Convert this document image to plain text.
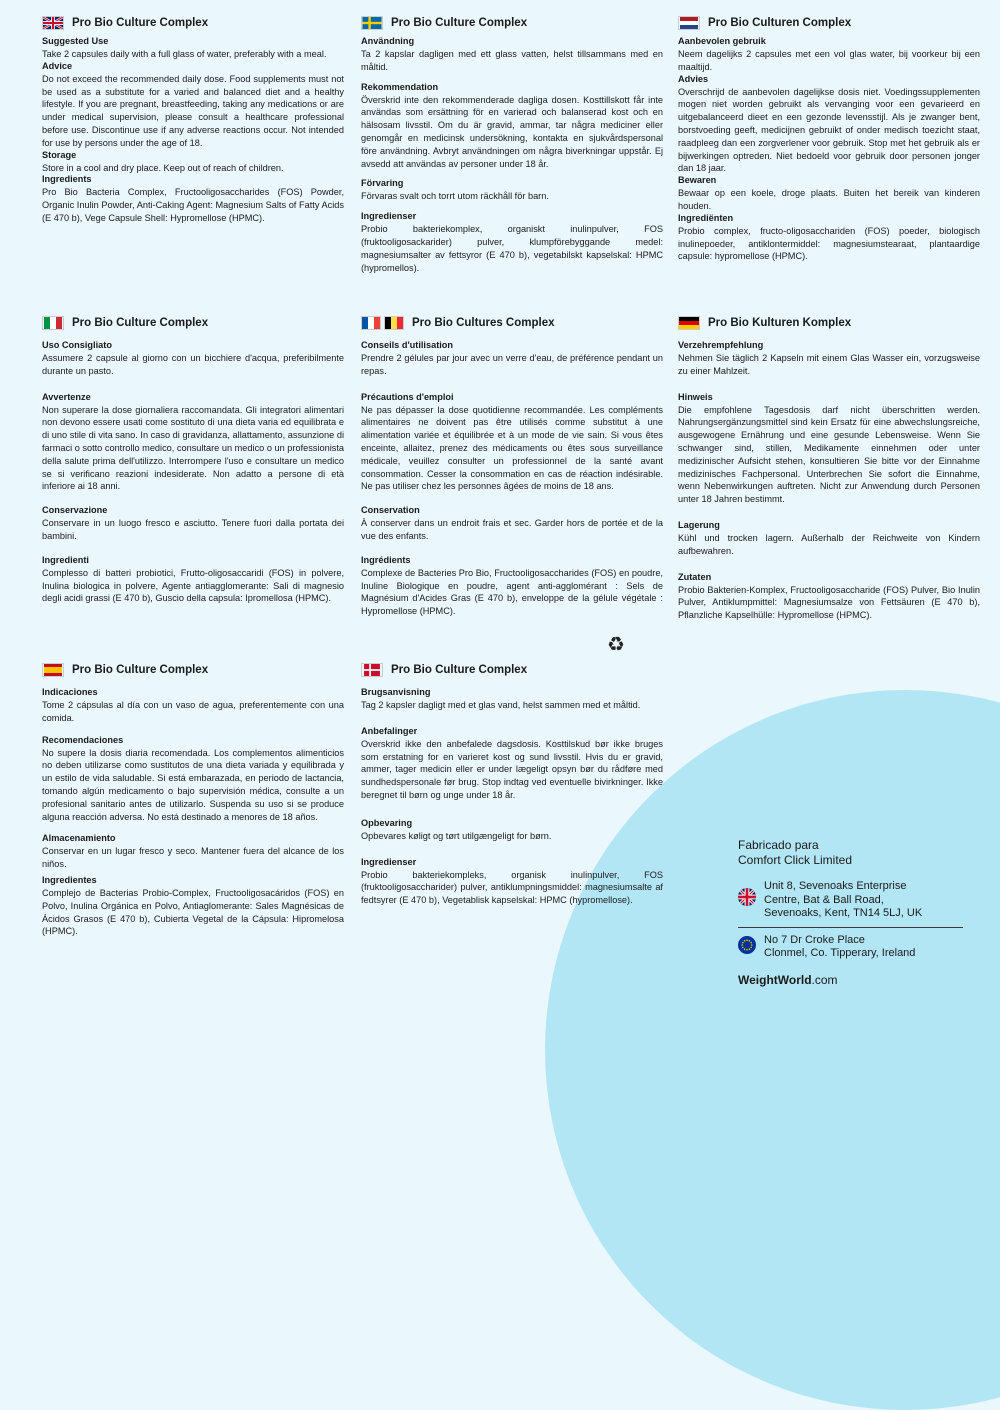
Pro Bio Culture Complex
Suggested Use
Take 2 capsules daily with a full glass of water, preferably with a meal.
Advice
Do not exceed the recommended daily dose. Food supplements must not be used as a substitute for a varied and balanced diet and a healthy lifestyle. If you are pregnant, breastfeeding, taking any medications or are under medical supervision, please consult a healthcare professional before use. Discontinue use if any adverse reactions occur. Not intended for use by persons under the age of 18.
Storage
Store in a cool and dry place. Keep out of reach of children.
Ingredients
Pro Bio Bacteria Complex, Fructooligosaccharides (FOS) Powder, Organic Inulin Powder, Anti-Caking Agent: Magnesium Salts of Fatty Acids (E 470 b), Vege Capsule Shell: Hypromellose (HPMC).
Pro Bio Culture Complex
Uso Consigliato
Assumere 2 capsule al giorno con un bicchiere d'acqua, preferibilmente durante un pasto.
Avvertenze
Non superare la dose giornaliera raccomandata. Gli integratori alimentari non devono essere usati come sostituto di una dieta varia ed equilibrata e di uno stile di vita sano. In caso di gravidanza, allattamento, assunzione di farmaci o sotto controllo medico, consultare un medico o un professionista della salute prima dell'utilizzo. Interrompere l'uso e consultare un medico se si verificano reazioni indesiderate. Non adatto a persone di età inferiore ai 18 anni.
Conservazione
Conservare in un luogo fresco e asciutto. Tenere fuori dalla portata dei bambini.
Ingredienti
Complesso di batteri probiotici, Frutto-oligosaccaridi (FOS) in polvere, Inulina biologica in polvere, Agente antiagglomerante: Sali di magnesio degli acidi grassi (E 470 b), Guscio della capsula: Ipromellosa (HPMC).
Pro Bio Culture Complex
Indicaciones
Tome 2 cápsulas al día con un vaso de agua, preferentemente con una comida.
Recomendaciones
No supere la dosis diaria recomendada. Los complementos alimenticios no deben utilizarse como sustitutos de una dieta variada y equilibrada y un estilo de vida saludable. Si está embarazada, en periodo de lactancia, tomando algún medicamento o bajo supervisión médica, consulte a un profesional sanitario antes de utilizarlo. Suspenda su uso si se produce alguna reacción adversa. No está destinado a menores de 18 años.
Almacenamiento
Conservar en un lugar fresco y seco. Mantener fuera del alcance de los niños.
Ingredientes
Complejo de Bacterias Probio-Complex, Fructooligosacáridos (FOS) en Polvo, Inulina Orgánica en Polvo, Antiaglomerante: Sales Magnésicas de Ácidos Grasos (E 470 b), Cubierta Vegetal de la Cápsula: Hipromelosa (HPMC).
Pro Bio Culture Complex
Användning
Ta 2 kapslar dagligen med ett glass vatten, helst tillsammans med en måltid.
Rekommendation
Överskrid inte den rekommenderade dagliga dosen. Kosttillskott får inte användas som ersättning för en varierad och balanserad kost och en hälsosam livsstil. Om du är gravid, ammar, tar några mediciner eller genomgår en medicinsk undersökning, kontakta en sjukvårdspersonal före användning. Avbryt användningen om några biverkningar uppstår. Ej avsedd att användas av personer under 18 år.
Förvaring
Förvaras svalt och torrt utom räckhåll för barn.
Ingredienser
Probio bakteriekomplex, organiskt inulinpulver, FOS (fruktooligosackarider) pulver, klumpförebyggande medel: magnesiumsalter av fettsyror (E 470 b), vegetabilskt kapselskal: HPMC (hypromellos).
Pro Bio Cultures Complex
Conseils d'utilisation
Prendre 2 gélules par jour avec un verre d'eau, de préférence pendant un repas.
Précautions d'emploi
Ne pas dépasser la dose quotidienne recommandée. Les compléments alimentaires ne doivent pas être utilisés comme substitut à une alimentation variée et équilibrée et à un mode de vie sain. Si vous êtes enceinte, allaitez, prenez des médicaments ou êtes sous surveillance médicale, veuillez consulter un professionnel de la santé avant consommation. Cesser la consommation en cas de réaction indésirable. Ne pas utiliser chez les personnes âgées de moins de 18 ans.
Conservation
À conserver dans un endroit frais et sec. Garder hors de portée et de la vue des enfants.
Ingrédients
Complexe de Bacteries Pro Bio, Fructooligosaccharides (FOS) en poudre, Inuline Biologique en poudre, agent anti-agglomérant : Sels de Magnésium d'Acides Gras (E 470 b), enveloppe de la gélule végétale : Hypromellose (HPMC).
♻
Pro Bio Culture Complex
Brugsanvisning
Tag 2 kapsler dagligt med et glas vand, helst sammen med et måltid.
Anbefalinger
Overskrid ikke den anbefalede dagsdosis. Kosttilskud bør ikke bruges som erstatning for en varieret kost og sund livsstil. Hvis du er gravid, ammer, tager medicin eller er under lægeligt opsyn bør du rådføre med sundhedspersonale før brug. Stop indtag ved eventuelle bivirkninger. Ikke beregnet til børn og unge under 18 år.
Opbevaring
Opbevares køligt og tørt utilgængeligt for børn.
Ingredienser
Probio bakteriekompleks, organisk inulinpulver, FOS (fruktooligosaccharider) pulver, antiklumpningsmiddel: magnesiumsalte af fedtsyrer (E 470 b), Vegetablisk kapselskal: HPMC (hypromellose).
Pro Bio Culturen Complex
Aanbevolen gebruik
Neem dagelijks 2 capsules met een vol glas water, bij voorkeur bij een maaltijd.
Advies
Overschrijd de aanbevolen dagelijkse dosis niet. Voedingssupplementen mogen niet worden gebruikt als vervanging voor een gevarieerd en uitgebalanceerd dieet en een gezonde levensstijl. Als je zwanger bent, borstvoeding geeft, medicijnen gebruikt of onder medisch toezicht staat, raadpleeg dan een zorgverlener voor gebruik. Stop met het gebruik als er bijwerkingen optreden. Niet bedoeld voor gebruik door personen jonger dan 18 jaar.
Bewaren
Bewaar op een koele, droge plaats. Buiten het bereik van kinderen houden.
Ingrediënten
Probio complex, fructo-oligosacchariden (FOS) poeder, biologisch inulinepoeder, antiklontermiddel: magnesiumstearaat, plantaardige capsule: hypromellose (HPMC).
Pro Bio Kulturen Komplex
Verzehrempfehlung
Nehmen Sie täglich 2 Kapseln mit einem Glas Wasser ein, vorzugsweise zu einer Mahlzeit.
Hinweis
Die empfohlene Tagesdosis darf nicht überschritten werden. Nahrungsergänzungsmittel sind kein Ersatz für eine abwechslungsreiche, ausgewogene Ernährung und eine gesunde Lebensweise. Wenn Sie schwanger sind, stillen, Medikamente einnehmen oder unter medizinischer Aufsicht stehen, konsultieren Sie bitte vor der Einnahme medizinisches Fachpersonal. Unterbrechen Sie sofort die Einnahme, wenn Nebenwirkungen auftreten. Nicht zur Anwendung durch Personen unter 18 Jahren bestimmt.
Lagerung
Kühl und trocken lagern. Außerhalb der Reichweite von Kindern aufbewahren.
Zutaten
Probio Bakterien-Komplex, Fructooligosaccharide (FOS) Pulver, Bio Inulin Pulver, Antiklumpmittel: Magnesiumsalze von Fettsäuren (E 470 b), Pflanzliche Kapselhülle: Hypromellose (HPMC).
Fabricado para
Comfort Click Limited
Unit 8, Sevenoaks Enterprise
Centre, Bat & Ball Road,
Sevenoaks, Kent, TN14 5LJ, UK
No 7 Dr Croke Place
Clonmel, Co. Tipperary, Ireland
WeightWorld.com
